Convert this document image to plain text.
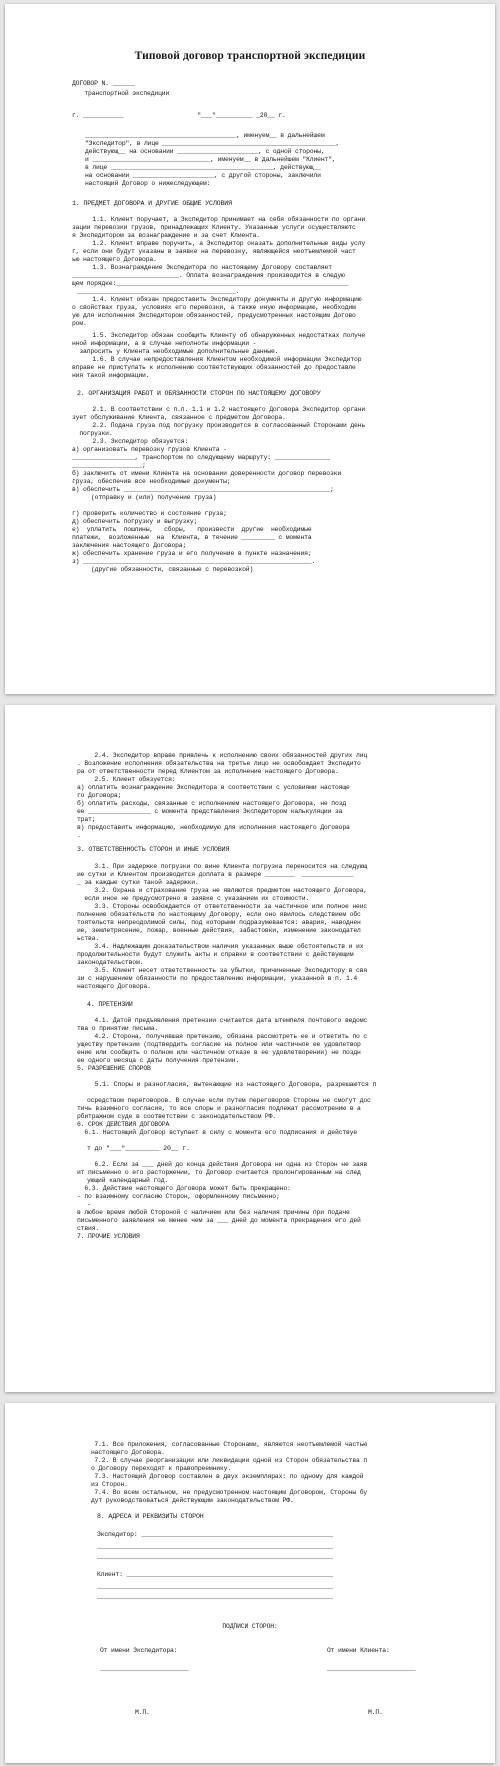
Типовой договор транспортной экспедиции
ДОГОВОР N. ______
транспортной экспедиции
г. ___________                    "___"__________ _20__ г.
_________________________________________, именуем__ в дальнейшем
"Экспедитор", в лице _______________________________________________,
действующ__ на основании ______________________, с одной стороны,
и ________________________________, именуем__ в дальнейшем "Клиент",
в лице ____________________________________________, действующ__
на основании ______________________, с другой стороны, заключили
настоящий Договор о нижеследующем:
1. ПРЕДМЕТ ДОГОВОРА И ДРУГИЕ ОБЩИЕ УСЛОВИЯ
1.1. Клиент поручает, а Экспедитор принимает на себя обязанности по органи
зации перевозки грузов, принадлежащих Клиенту. Указанные услуги осуществляютс
я Экспедитором за вознаграждение и за счет Клиента.
1.2. Клиент вправе поручить, а Экспедитор оказать дополнительные виды услу
г, если они будут указаны в заявке на перевозку, являющейся неотъемлемой част
ью настоящего Договора.
1.3. Вознаграждение Экспедитора по настоящему Договору составляет
_____________________________. Оплата вознаграждения производится в следую
щем порядке:_______________________________________________________________
___________________________________________.
1.4. Клиент обязан предоставить Экспедитору документы и другую информацию
о свойствах груза, условиях его перевозки, а также иную информацию, необходим
ую для исполнения Экспедитором обязанностей, предусмотренных настоящим Догово
ром.
1.5. Экспедитор обязан сообщить Клиенту об обнаруженных недостатках получе
нной информации, а в случае неполноты информации -
запросить у Клиента необходимые дополнительные данные.
1.6. В случае непредоставления Клиентом необходимой информации Экспедитор
вправе не приступать к исполнению соответствующих обязанностей до предоставле
ния такой информации.
2. ОРГАНИЗАЦИЯ РАБОТ И ОБЯЗАННОСТИ СТОРОН ПО НАСТОЯЩЕМУ ДОГОВОРУ
2.1. В соответствии с п.п. 1.1 и 1.2 настоящего Договора Экспедитор органи
зует обслуживание Клиента, связанное с предметом Договора.
2.2. Подача груза под погрузку производится в согласованный Сторонами день
погрузки.
2.3. Экспедитор обязуется:
а) организовать перевозку грузов Клиента -
_________________, транспортом по следующему маршруту: _______________
___________________;
б) заключить от имени Клиента на основании доверенности договор перевозки
груза, обеспечив все необходимые документы;
в) обеспечить ________________________________________________________;
(отправку и (или) получение груза)
г) проверить количество и состояние груза;
д) обеспечить погрузку и выгрузку;
е)  уплатить  пошлины,   сборы,   произвести  другие  необходимые
платежи,  возложенные  на  Клиента, в течение _________ с момента
заключения настоящего Договора;
ж) обеспечить хранение груза и его получение в пункте назначения;
з) ______________________________________________________________.
(другие обязанности, связанные с перевозкой)
2.4. Экспедитор вправе привлечь к исполнению своих обязанностей других лиц
. Возложение исполнения обязательства на третье лицо не освобождает Экспедито
ра от ответственности перед Клиентом за исполнение настоящего Договора.
2.5. Клиент обязуется:
а) оплатить вознаграждение Экспедитора в соответствии с условиями настояще
го Договора;
б) оплатить расходы, связанные с исполнением настоящего Договора, не позд
ее _________________ с момента представления Экспедитором калькуляции за
трат;
в) предоставить информацию, необходимую для исполнения настоящего Договора
.
3. ОТВЕТСТВЕННОСТЬ СТОРОН И ИНЫЕ УСЛОВИЯ
3.1. При задержке погрузки по вине Клиента погрузка переносится на следующ
ие сутки и Клиентом производится доплата в размере ________  ______________
_ за каждые сутки такой задержки.
3.2. Охрана и страхование груза не являются предметом настоящего Договора,
если иное не предусмотрено в заявке с указанием их стоимости.
3.3. Стороны освобождаются от ответственности за частичное или полное неис
полнение обязательств по настоящему Договору, если оно явилось следствием обс
тоятельств непреодолимой силы, под которыми подразумевается: авария, наводнен
ие, землетрясение, пожар, военные действия, забастовки, изменение законодател
ьства.
3.4. Надлежащим доказательством наличия указанных выше обстоятельств и их
продолжительности будут служить акты и справки в соответствии с действующим
законодательством.
3.5. Клиент несет ответственность за убытки, причиненные Экспедитору в свя
зи с нарушением обязанности по предоставлению информации, указанной в п. 1.4
настоящего Договора.
4. ПРЕТЕНЗИИ
4.1. Датой предъявления претензии считается дата штемпеля почтового ведомс
тва о принятии письма.
4.2. Сторона, получившая претензию, обязана рассмотреть ее и ответить по с
уществу претензии (подтвердить согласие на полное или частичное ее удовлетвор
ение или сообщить о полном или частичном отказе в ее удовлетворении) не поздн
ее одного месяца с даты получения претензии.
5. РАЗРЕШЕНИЕ СПОРОВ
5.1. Споры и разногласия, вытекающие из настоящего Договора, разрешаются п
осредством переговоров. В случае если путем переговоров Стороны не смогут дос
тичь взаимного согласия, то все споры и разногласия подлежат рассмотрению в а
рбитражном суде в соответствии с законодательством РФ.
6. СРОК ДЕЙСТВИЯ ДОГОВОРА
6.1. Настоящий Договор вступает в силу с момента его подписания и действуе
т до "___"_________ 20__ г.
6.2. Если за ___ дней до конца действия Договора ни одна из Сторон не заяв
ит письменно о его расторжении, то Договор считается пролонгированным на след
ующий календарный год.
6.3. Действие настоящего Договора может быть прекращено:
- по взаимному согласию Сторон, оформленному письменно;
-
в любое время любой Стороной с наличием или без наличия причины при подаче
письменного заявления не менее чем за ___ дней до момента прекращения его дей
ствия.
7. ПРОЧИЕ УСЛОВИЯ
7.1. Все приложения, согласованные Сторонами, являются неотъемлемой частью
настоящего Договора.
7.2. В случае реорганизации или ликвидации одной из Сторон обязательства п
о Договору переходят к правопреемнику.
7.3. Настоящий Договор составлен в двух экземплярах: по одному для каждой
из Сторон.
7.4. Во всем остальном, не предусмотренном настоящим Договором, Стороны бу
дут руководствоваться действующим законодательством РФ.
8. АДРЕСА И РЕКВИЗИТЫ СТОРОН
Экспедитор: ____________________________________________________
________________________________________________________________
________________________________________________________________
Клиент: ________________________________________________________
________________________________________________________________
________________________________________________________________
ПОДПИСИ СТОРОН:
От имени Экспедитора:	От имени Клиента:
________________________	________________________
М.П.	М.П.
